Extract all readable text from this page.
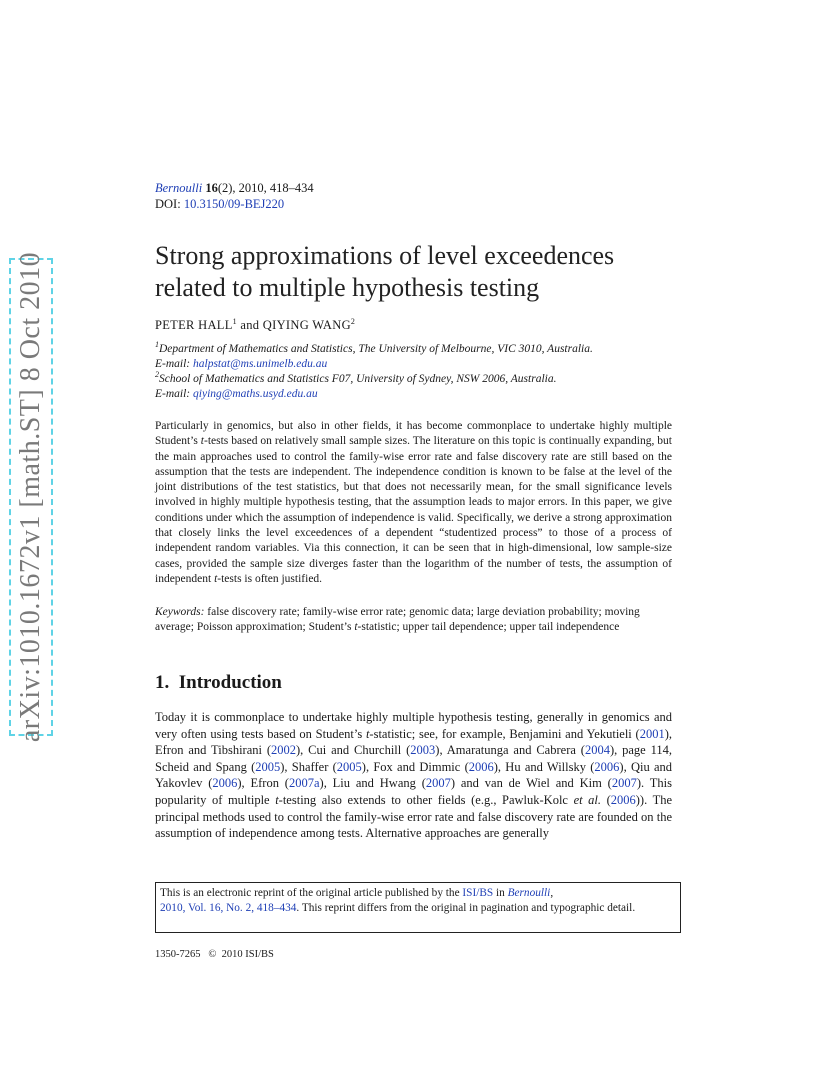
arXiv:1010.1672v1 [math.ST] 8 Oct 2010
Bernoulli 16(2), 2010, 418–434
DOI: 10.3150/09-BEJ220
Strong approximations of level exceedences
related to multiple hypothesis testing
PETER HALL$^1$ and QIYING WANG$^2$
$^1$Department of Mathematics and Statistics, The University of Melbourne, VIC 3010, Australia.
E-mail: halpstat@ms.unimelb.edu.au
$^2$School of Mathematics and Statistics F07, University of Sydney, NSW 2006, Australia.
E-mail: qiying@maths.usyd.edu.au
Particularly in genomics, but also in other fields, it has become commonplace to undertake highly multiple Student’s t-tests based on relatively small sample sizes. The literature on this topic is continually expanding, but the main approaches used to control the family-wise error rate and false discovery rate are still based on the assumption that the tests are independent. The independence condition is known to be false at the level of the joint distributions of the test statistics, but that does not necessarily mean, for the small significance levels involved in highly multiple hypothesis testing, that the assumption leads to major errors. In this paper, we give conditions under which the assumption of independence is valid. Specifically, we derive a strong approximation that closely links the level exceedences of a dependent “studentized process” to those of a process of independent random variables. Via this connection, it can be seen that in high-dimensional, low sample-size cases, provided the sample size diverges faster than the logarithm of the number of tests, the assumption of independent t-tests is often justified.
Keywords: false discovery rate; family-wise error rate; genomic data; large deviation probability; moving average; Poisson approximation; Student’s t-statistic; upper tail dependence; upper tail independence
1. Introduction
Today it is commonplace to undertake highly multiple hypothesis testing, generally in genomics and very often using tests based on Student’s t-statistic; see, for example, Benjamini and Yekutieli (2001), Efron and Tibshirani (2002), Cui and Churchill (2003), Amaratunga and Cabrera (2004), page 114, Scheid and Spang (2005), Shaffer (2005), Fox and Dimmic (2006), Hu and Willsky (2006), Qiu and Yakovlev (2006), Efron (2007a), Liu and Hwang (2007) and van de Wiel and Kim (2007). This popularity of multiple t-testing also extends to other fields (e.g., Pawluk-Kolc et al. (2006)). The principal methods used to control the family-wise error rate and false discovery rate are founded on the assumption of independence among tests. Alternative approaches are generally
This is an electronic reprint of the original article published by the ISI/BS in Bernoulli,
2010, Vol. 16, No. 2, 418–434. This reprint differs from the original in pagination and typographic detail.
1350-7265 © 2010 ISI/BS
